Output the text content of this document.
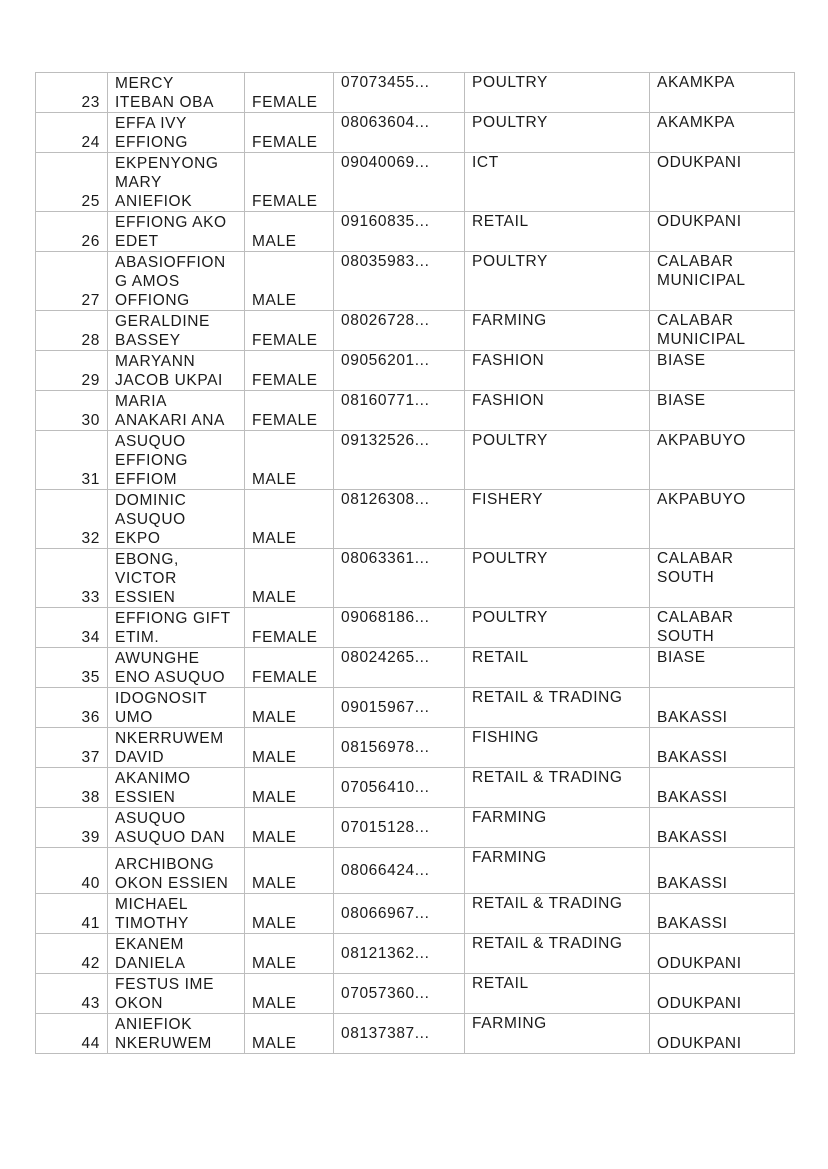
23	MERCY
ITEBAN OBA	FEMALE	07073455...	POULTRY	AKAMKPA

24	EFFA IVY
EFFIONG	FEMALE	08063604...	POULTRY	AKAMKPA

25	EKPENYONG
MARY
ANIEFIOK	FEMALE	09040069...	ICT	ODUKPANI

26	EFFIONG AKO
EDET	MALE	09160835...	RETAIL	ODUKPANI

27	ABASIOFFION
G AMOS
OFFIONG	MALE	08035983...	POULTRY	CALABAR
MUNICIPAL

28	GERALDINE
BASSEY	FEMALE	08026728...	FARMING	CALABAR
MUNICIPAL

29	MARYANN
JACOB UKPAI	FEMALE	09056201...	FASHION	BIASE

30	MARIA
ANAKARI ANA	FEMALE	08160771...	FASHION	BIASE

31	ASUQUO
EFFIONG
EFFIOM	MALE	09132526...	POULTRY	AKPABUYO

32	DOMINIC
ASUQUO
EKPO	MALE	08126308...	FISHERY	AKPABUYO

33	EBONG,
VICTOR
ESSIEN	MALE	08063361...	POULTRY	CALABAR
SOUTH

34	EFFIONG GIFT
ETIM.	FEMALE	09068186...	POULTRY	CALABAR
SOUTH

35	AWUNGHE
ENO ASUQUO	FEMALE	08024265...	RETAIL	BIASE

36	IDOGNOSIT
UMO	MALE	09015967...	RETAIL & TRADING	BAKASSI

37	NKERRUWEM
DAVID	MALE	08156978...	FISHING	BAKASSI

38	AKANIMO
ESSIEN	MALE	07056410...	RETAIL & TRADING	BAKASSI

39	ASUQUO
ASUQUO DAN	MALE	07015128...	FARMING	BAKASSI

40	ARCHIBONG
OKON ESSIEN	MALE	08066424...	FARMING	BAKASSI

41	MICHAEL
TIMOTHY	MALE	08066967...	RETAIL & TRADING	BAKASSI

42	EKANEM
DANIELA	MALE	08121362...	RETAIL & TRADING	ODUKPANI

43	FESTUS IME
OKON	MALE	07057360...	RETAIL	ODUKPANI

44	ANIEFIOK
NKERUWEM	MALE	08137387...	FARMING	ODUKPANI
